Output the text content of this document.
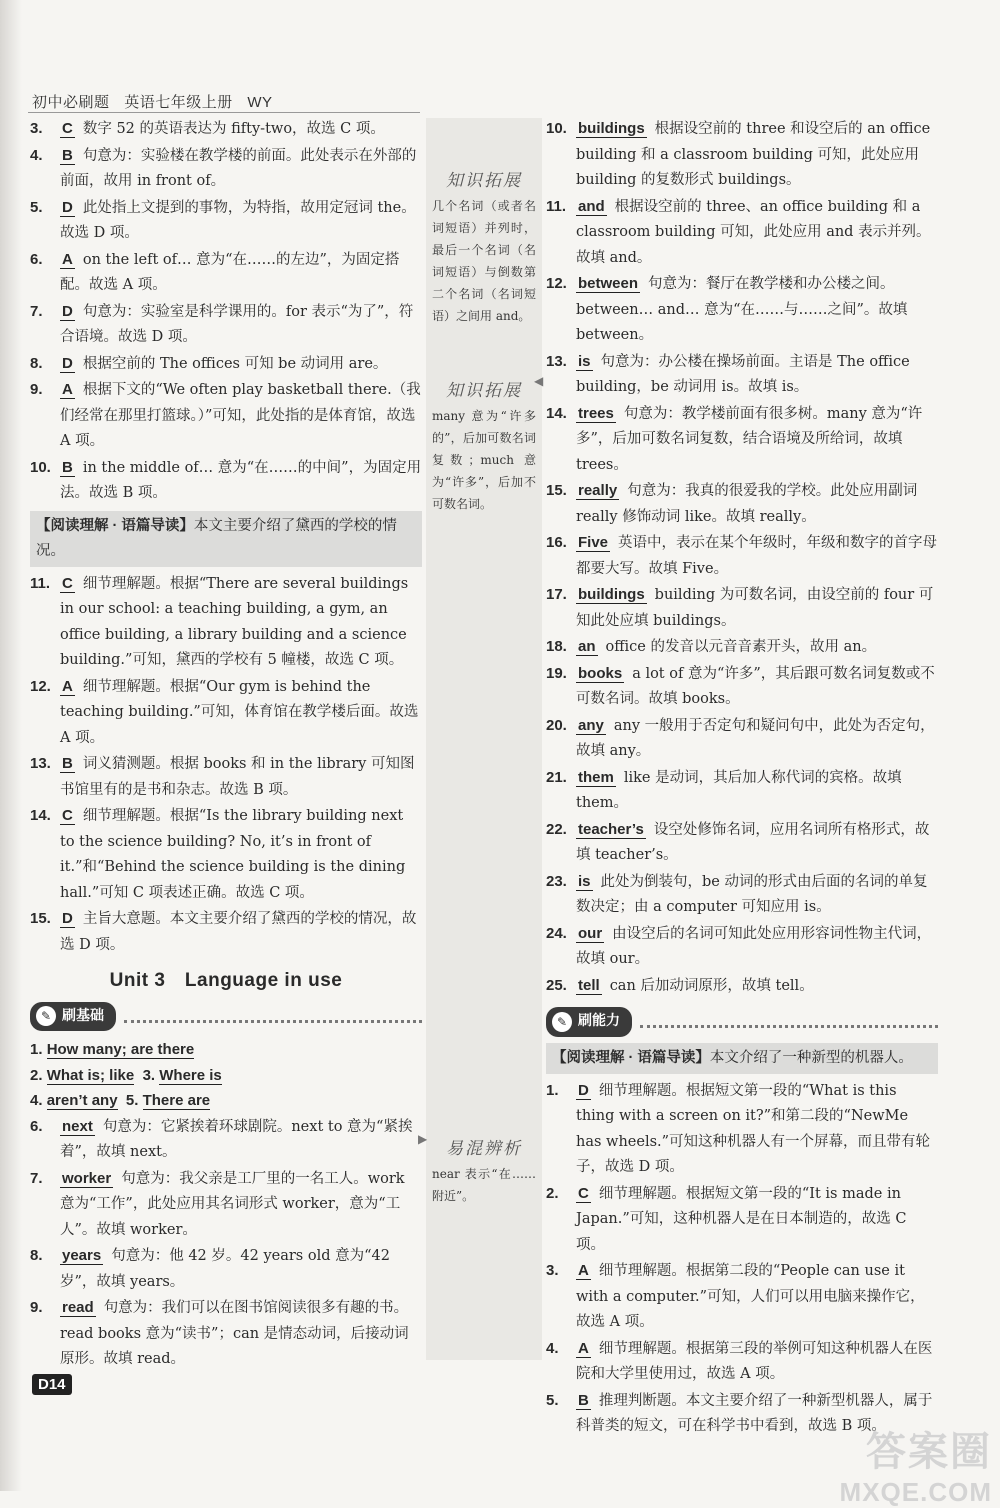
初中必刷题 英语七年级上册 WY
3. C 数字 52 的英语表达为 fifty-two，故选 C 项。
4. B 句意为：实验楼在教学楼的前面。此处表示在外部的前面，故用 in front of。
5. D 此处指上文提到的事物，为特指，故用定冠词 the。故选 D 项。
6. A on the left of… 意为“在……的左边”，为固定搭配。故选 A 项。
7. D 句意为：实验室是科学课用的。for 表示“为了”，符合语境。故选 D 项。
8. D 根据空前的 The offices 可知 be 动词用 are。
9. A 根据下文的“We often play basketball there.（我们经常在那里打篮球。）”可知，此处指的是体育馆，故选 A 项。
10. B in the middle of… 意为“在……的中间”，为固定用法。故选 B 项。
【阅读理解 · 语篇导读】本文主要介绍了黛西的学校的情况。
11. C 细节理解题。根据“There are several buildings in our school: a teaching building, a gym, an office building, a library building and a science building.”可知，黛西的学校有 5 幢楼，故选 C 项。
12. A 细节理解题。根据“Our gym is behind the teaching building.”可知，体育馆在教学楼后面。故选 A 项。
13. B 词义猜测题。根据 books 和 in the library 可知图书馆里有的是书和杂志。故选 B 项。
14. C 细节理解题。根据“Is the library building next to the science building? No, it’s in front of it.”和“Behind the science building is the dining hall.”可知 C 项表述正确。故选 C 项。
15. D 主旨大意题。本文主要介绍了黛西的学校的情况，故选 D 项。
Unit 3　Language in use
✎ 刷基础
1. How many; are there
2. What is; like 3. Where is
4. aren’t any 5. There are
6. next 句意为：它紧挨着环球剧院。next to 意为“紧挨着”，故填 next。
7. worker 句意为：我父亲是工厂里的一名工人。work 意为“工作”，此处应用其名词形式 worker，意为“工人”。故填 worker。
8. years 句意为：他 42 岁。42 years old 意为“42 岁”，故填 years。
9. read 句意为：我们可以在图书馆阅读很多有趣的书。read books 意为“读书”；can 是情态动词，后接动词原形。故填 read。
知识拓展
几个名词（或者名词短语）并列时，最后一个名词（名词短语）与倒数第二个名词（名词短语）之间用 and。
知识拓展
many 意为“许多的”，后加可数名词复数；much 意为“许多”，后加不可数名词。
易混辨析
near 表示“在……附近”。
◀
▶
10. buildings 根据设空前的 three 和设空后的 an office building 和 a classroom building 可知，此处应用 building 的复数形式 buildings。
11. and 根据设空前的 three、an office building 和 a classroom building 可知，此处应用 and 表示并列。故填 and。
12. between 句意为：餐厅在教学楼和办公楼之间。between… and… 意为“在……与……之间”。故填 between。
13. is 句意为：办公楼在操场前面。主语是 The office building，be 动词用 is。故填 is。
14. trees 句意为：教学楼前面有很多树。many 意为“许多”，后加可数名词复数，结合语境及所给词，故填 trees。
15. really 句意为：我真的很爱我的学校。此处应用副词 really 修饰动词 like。故填 really。
16. Five 英语中，表示在某个年级时，年级和数字的首字母都要大写。故填 Five。
17. buildings building 为可数名词，由设空前的 four 可知此处应填 buildings。
18. an office 的发音以元音音素开头，故用 an。
19. books a lot of 意为“许多”，其后跟可数名词复数或不可数名词。故填 books。
20. any any 一般用于否定句和疑问句中，此处为否定句，故填 any。
21. them like 是动词，其后加人称代词的宾格。故填 them。
22. teacher’s 设空处修饰名词，应用名词所有格形式，故填 teacher’s。
23. is 此处为倒装句，be 动词的形式由后面的名词的单复数决定；由 a computer 可知应用 is。
24. our 由设空后的名词可知此处应用形容词性物主代词，故填 our。
25. tell can 后加动词原形，故填 tell。
✎ 刷能力
【阅读理解 · 语篇导读】本文介绍了一种新型的机器人。
1. D 细节理解题。根据短文第一段的“What is this thing with a screen on it?”和第二段的“NewMe has wheels.”可知这种机器人有一个屏幕，而且带有轮子，故选 D 项。
2. C 细节理解题。根据短文第一段的“It is made in Japan.”可知，这种机器人是在日本制造的，故选 C 项。
3. A 细节理解题。根据第二段的“People can use it with a computer.”可知，人们可以用电脑来操作它，故选 A 项。
4. A 细节理解题。根据第三段的举例可知这种机器人在医院和大学里使用过，故选 A 项。
5. B 推理判断题。本文主要介绍了一种新型机器人，属于科普类的短文，可在科学书中看到，故选 B 项。
D14
答案圈
MXQE.COM
